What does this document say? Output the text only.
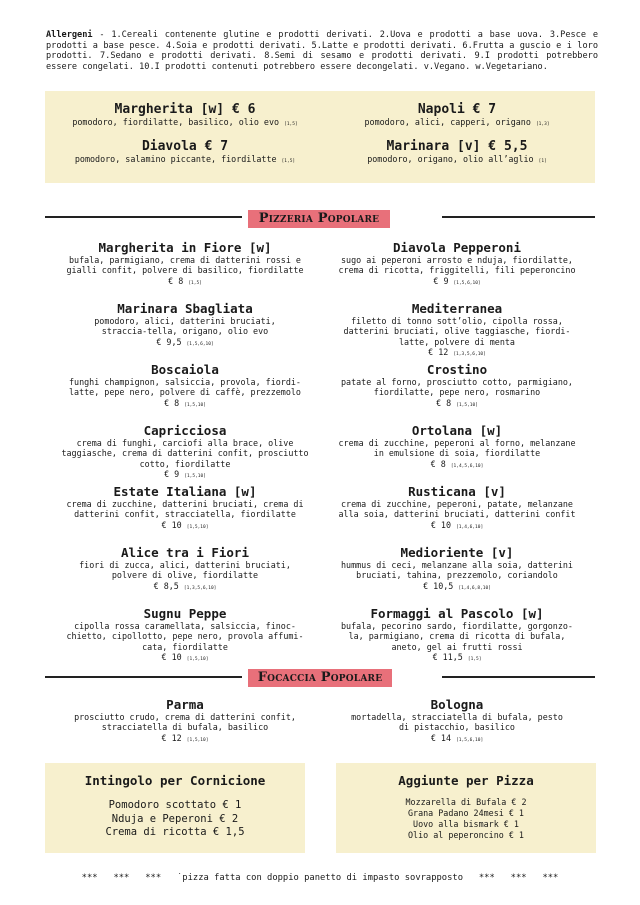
Allergeni - 1.Cereali contenente glutine e prodotti derivati. 2.Uova e prodotti a base uova. 3.Pesce e prodotti a base pesce. 4.Soia e prodotti derivati. 5.Latte e prodotti derivati. 6.Frutta a guscio e i loro prodotti. 7.Sedano e prodotti derivati. 8.Semi di sesamo e prodotti derivati. 9.I prodotti potrebbero essere congelati. 10.I prodotti contenuti potrebbero essere decongelati. v.Vegano. w.Vegetariano.
Margherita [w] € 6
pomodoro, fiordilatte, basilico, olio evo [1,5]
Napoli € 7
pomodoro, alici, capperi, origano [1,3]
Diavola € 7
pomodoro, salamino piccante, fiordilatte [1,5]
Marinara [v] € 5,5
pomodoro, origano, olio all’aglio [1]
Pizzeria Popolare
Margherita in Fiore [w]
bufala, parmigiano, crema di datterini rossi e gialli confit, polvere di basilico, fiordilatte
€ 8 [1,5]
Diavola Pepperoni
sugo ai peperoni arrosto e nduja, fiordilatte, crema di ricotta, friggitelli, fili peperoncino
€ 9 [1,5,6,10]
Marinara Sbagliata
pomodoro, alici, datterini bruciati, straccia-tella, origano, olio evo
€ 9,5 [1,5,6,10]
Mediterranea
filetto di tonno sott’olio, cipolla rossa, datterini bruciati, olive taggiasche, fiordi-latte, polvere di menta
€ 12 [1,3,5,6,10]
Boscaiola
funghi champignon, salsiccia, provola, fiordi-latte, pepe nero, polvere di caffè, prezzemolo
€ 8 [1,5,10]
Crostino
patate al forno, prosciutto cotto, parmigiano, fiordilatte, pepe nero, rosmarino
€ 8 [1,5,10]
Capricciosa
crema di funghi, carciofi alla brace, olive taggiasche, crema di datterini confit, prosciutto cotto, fiordilatte
€ 9 [1,5,10]
Ortolana [w]
crema di zucchine, peperoni al forno, melanzane in emulsione di soia, fiordilatte
€ 8 [1,4,5,6,10]
Estate Italiana [w]
crema di zucchine, datterini bruciati, crema di datterini confit, stracciatella, fiordilatte
€ 10 [1,5,10]
Rusticana [v]
crema di zucchine, peperoni, patate, melanzane alla soia, datterini bruciati, datterini confit
€ 10 [1,4,6,10]
Alice tra i Fiori
fiori di zucca, alici, datterini bruciati, polvere di olive, fiordilatte
€ 8,5 [1,3,5,6,10]
Medioriente [v]
hummus di ceci, melanzane alla soia, datterini bruciati, tahina, prezzemolo, coriandolo
€ 10,5 [1,4,6,8,10]
Sugnu Peppe
cipolla rossa caramellata, salsiccia, finoc-chietto, cipollotto, pepe nero, provola affumi-cata, fiordilatte
€ 10 [1,5,10]
Formaggi al Pascolo [w]
bufala, pecorino sardo, fiordilatte, gorgonzo-la, parmigiano, crema di ricotta di bufala, aneto, gel ai frutti rossi
€ 11,5 [1,5]
Focaccia Popolare
Parma
prosciutto crudo, crema di datterini confit, stracciatella di bufala, basilico
€ 12 [1,5,10]
Bologna
mortadella, stracciatella di bufala, pesto di pistacchio, basilico
€ 14 [1,5,6,10]
Intingolo per Cornicione
Pomodoro scottato € 1
Nduja e Peperoni € 2
Crema di ricotta € 1,5
Aggiunte per Pizza
Mozzarella di Bufala € 2
Grana Padano 24mesi € 1
Uovo alla bismark € 1
Olio al peperoncino € 1
***   ***   ***   ˙pizza fatta con doppio panetto di impasto sovrapposto   ***   ***   ***
